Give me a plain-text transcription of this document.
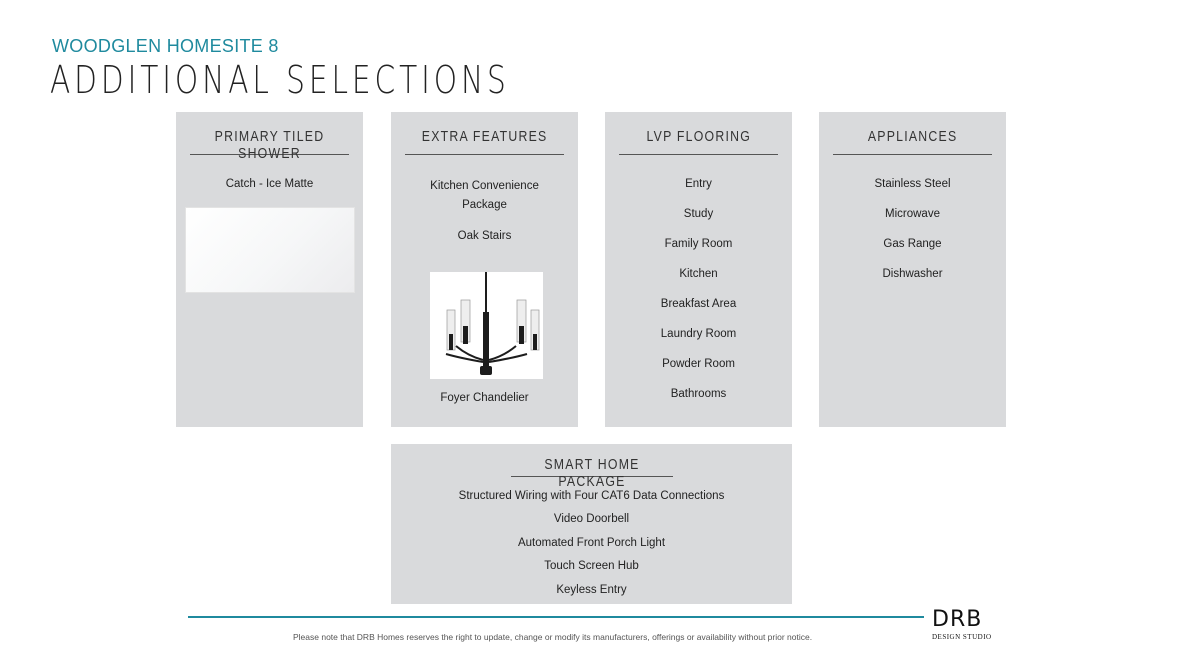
WOODGLEN HOMESITE 8
ADDITIONAL SELECTIONS
PRIMARY TILED SHOWER
Catch - Ice Matte
EXTRA FEATURES
Kitchen Convenience Package
Oak Stairs
Foyer Chandelier
LVP FLOORING
Entry
Study
Family Room
Kitchen
Breakfast Area
Laundry Room
Powder Room
Bathrooms
APPLIANCES
Stainless Steel
Microwave
Gas Range
Dishwasher
SMART HOME PACKAGE
Structured Wiring with Four CAT6 Data Connections
Video Doorbell
Automated Front Porch Light
Touch Screen Hub
Keyless Entry
Please note that DRB Homes reserves the right to update, change or modify its manufacturers, offerings or availability without prior notice.
DRB
DESIGN STUDIO
